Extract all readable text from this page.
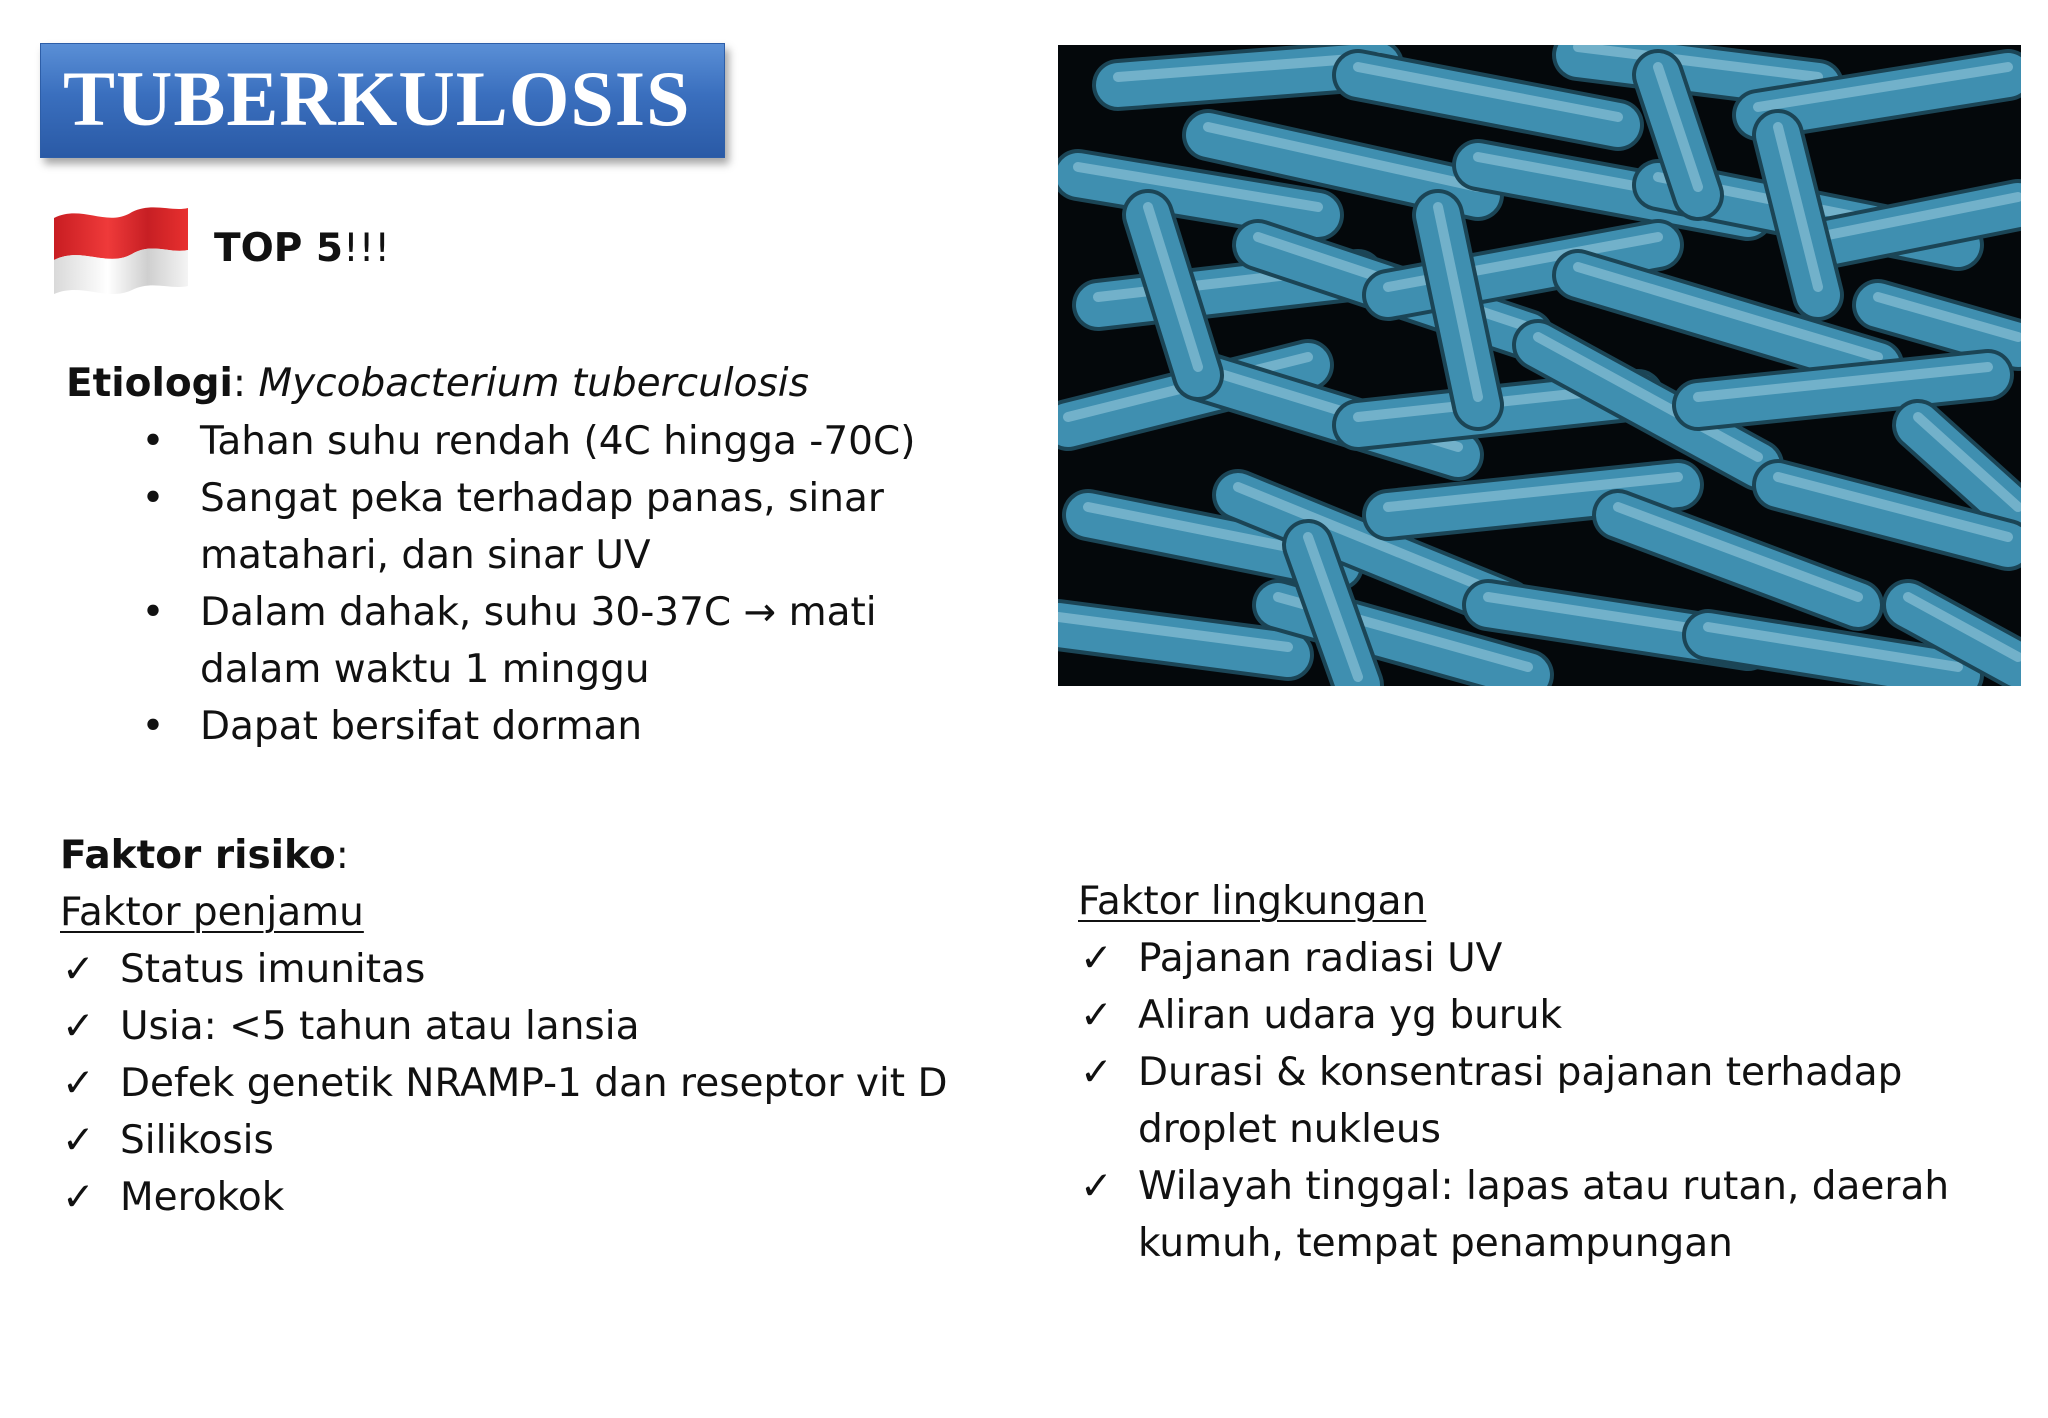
TUBERKULOSIS
TOP 5!!!
Etiologi: Mycobacterium tuberculosis
• Tahan suhu rendah (4C hingga -70C)
• Sangat peka terhadap panas, sinar matahari, dan sinar UV
• Dalam dahak, suhu 30-37C → mati dalam waktu 1 minggu
• Dapat bersifat dorman
Faktor risiko:
Faktor penjamu
✓ Status imunitas
✓ Usia: <5 tahun atau lansia
✓ Defek genetik NRAMP-1 dan reseptor vit D
✓ Silikosis
✓ Merokok
Faktor lingkungan
✓ Pajanan radiasi UV
✓ Aliran udara yg buruk
✓ Durasi & konsentrasi pajanan terhadap droplet nukleus
✓ Wilayah tinggal: lapas atau rutan, daerah kumuh, tempat penampungan
